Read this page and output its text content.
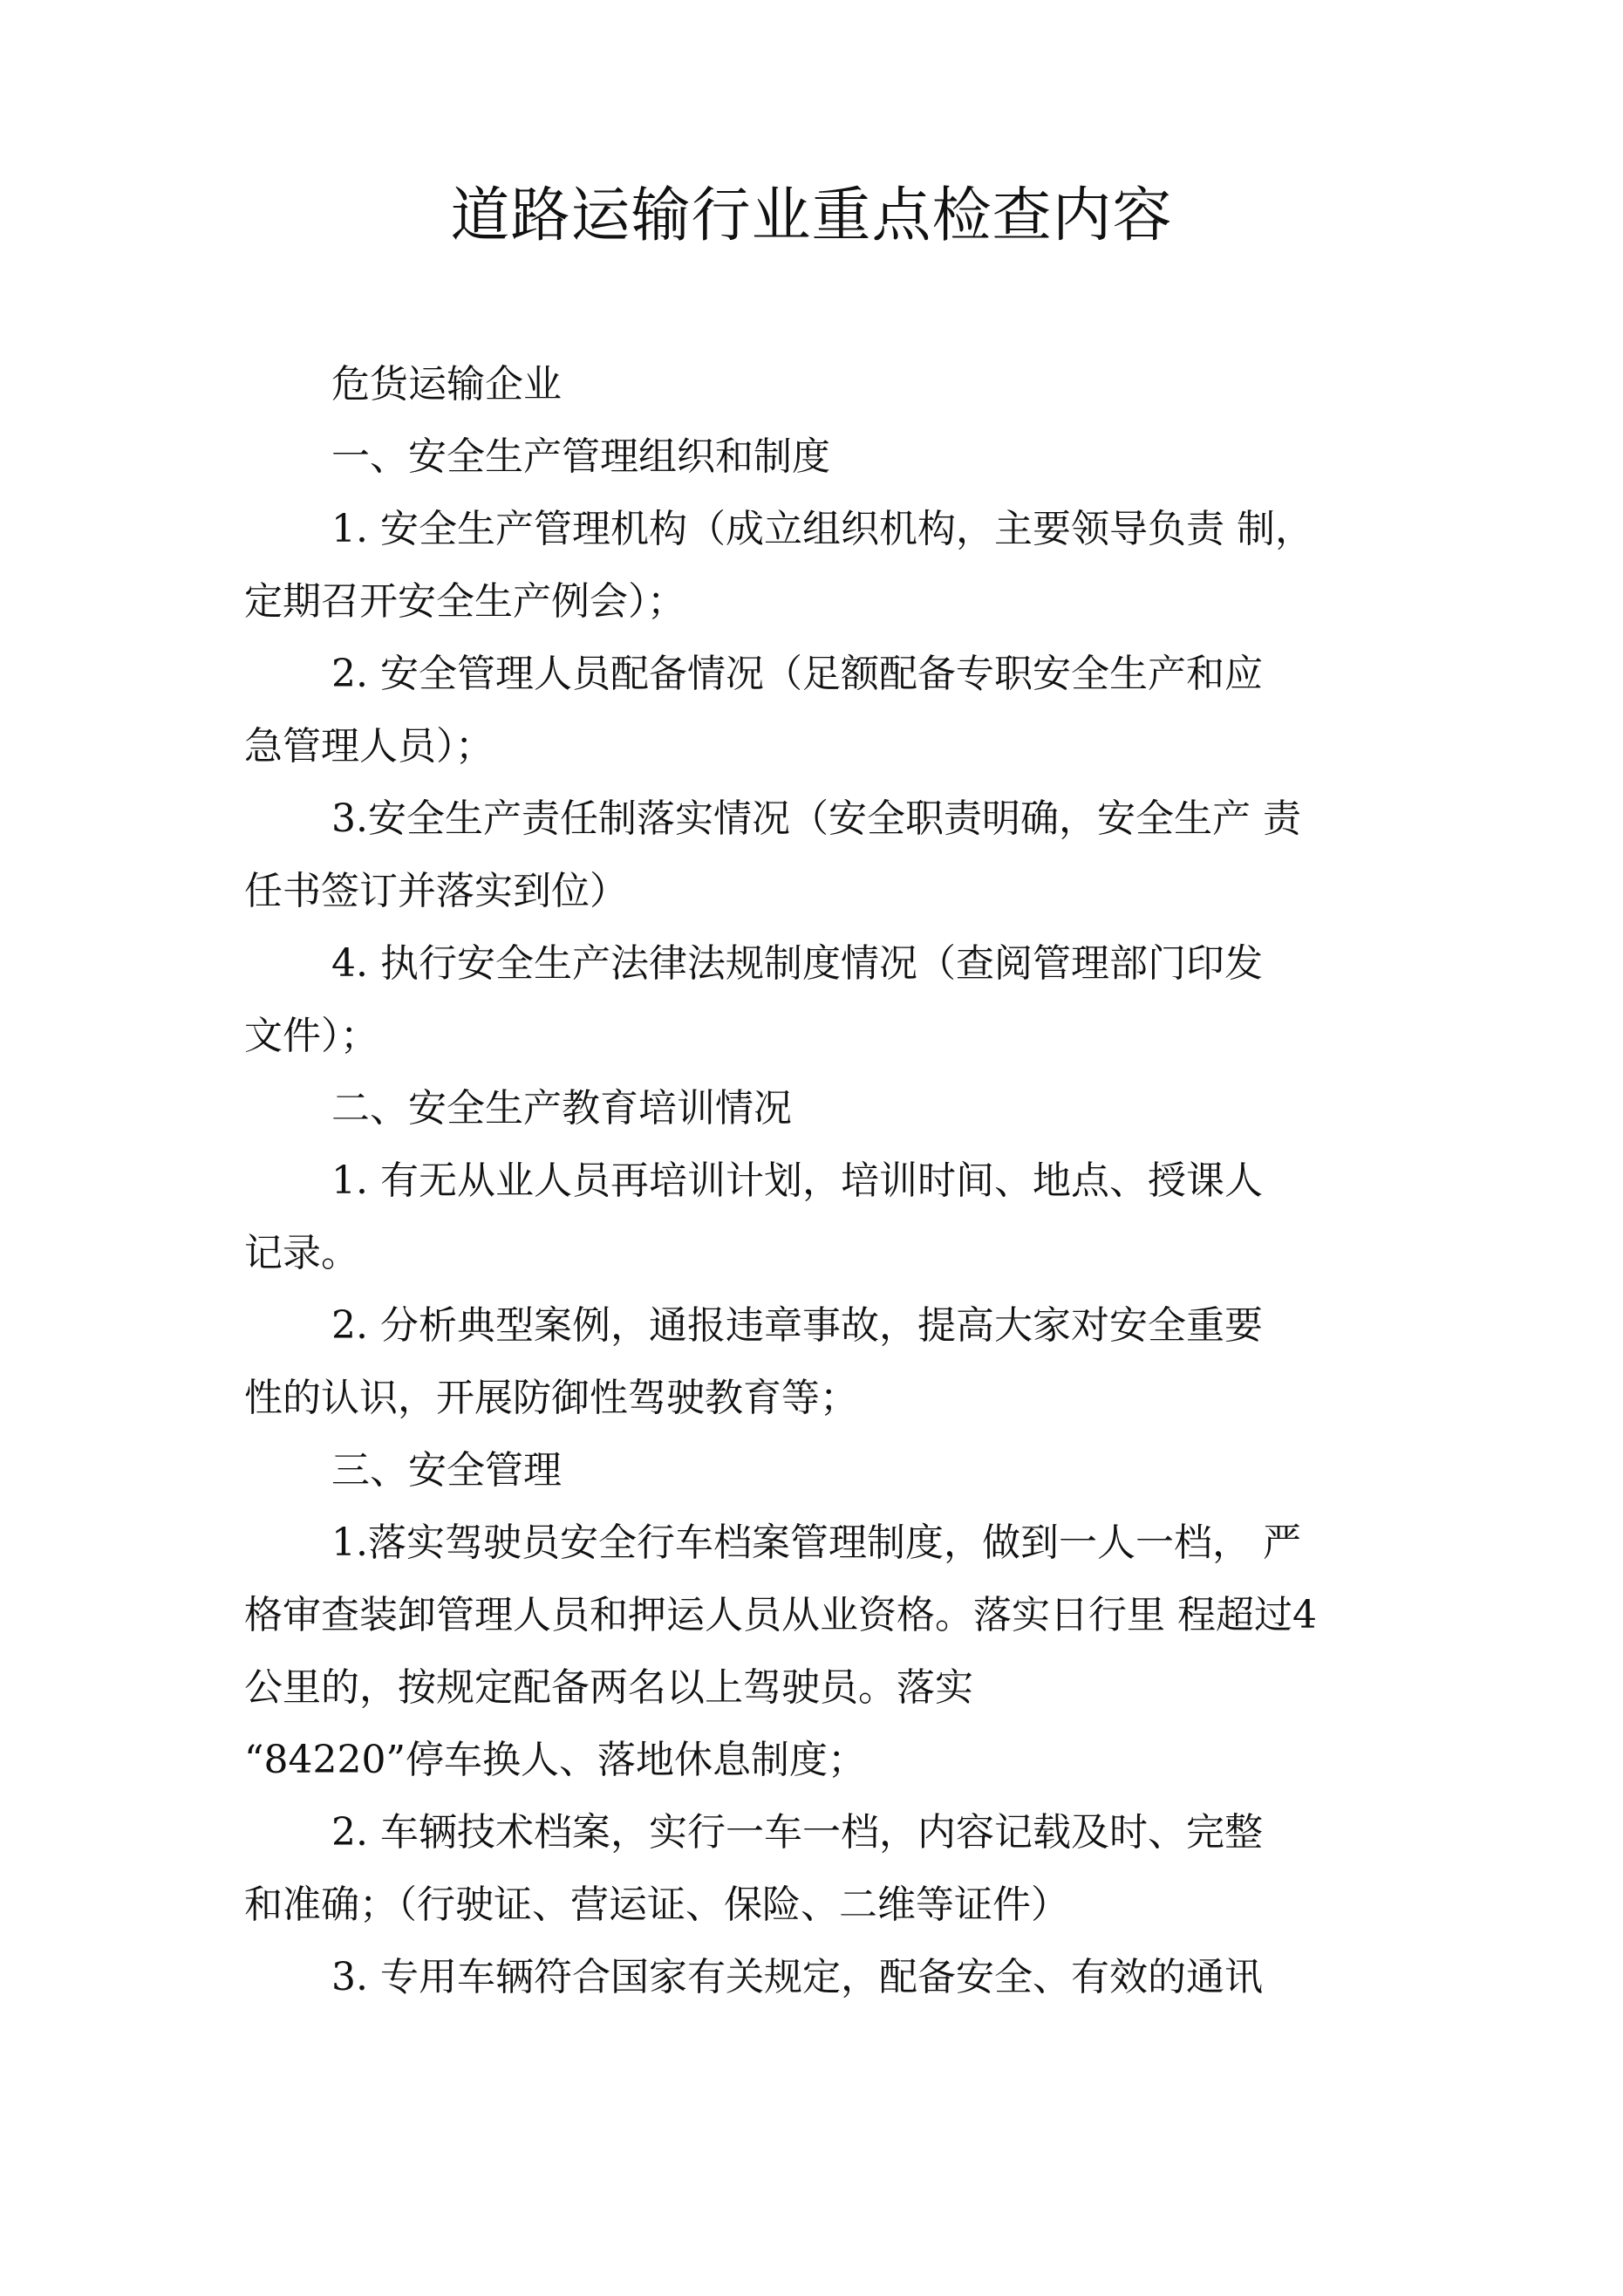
道路运输行业重点检查内容
危货运输企业
一、安全生产管理组织和制度
1. 安全生产管理机构（成立组织机构，主要领导负责 制，
定期召开安全生产例会）；
2. 安全管理人员配备情况（足额配备专职安全生产和应
急管理人员）；
3.安全生产责任制落实情况（安全职责明确，安全生产 责
任书签订并落实到位）
4. 执行安全生产法律法规制度情况（查阅管理部门印发
文件）；
二、安全生产教育培训情况
1. 有无从业人员再培训计划，培训时间、地点、授课人
记录。
2. 分析典型案例，通报违章事故，提高大家对安全重要
性的认识，开展防御性驾驶教育等；
三、安全管理
1.落实驾驶员安全行车档案管理制度，做到一人一档， 严
格审查装卸管理人员和押运人员从业资格。落实日行里 程超过4
公里的，按规定配备两名以上驾驶员。落实
“84220”停车换人、落地休息制度；
2. 车辆技术档案，实行一车一档，内容记载及时、完整
和准确；（行驶证、营运证、保险、二维等证件）
3. 专用车辆符合国家有关规定，配备安全、有效的通讯
